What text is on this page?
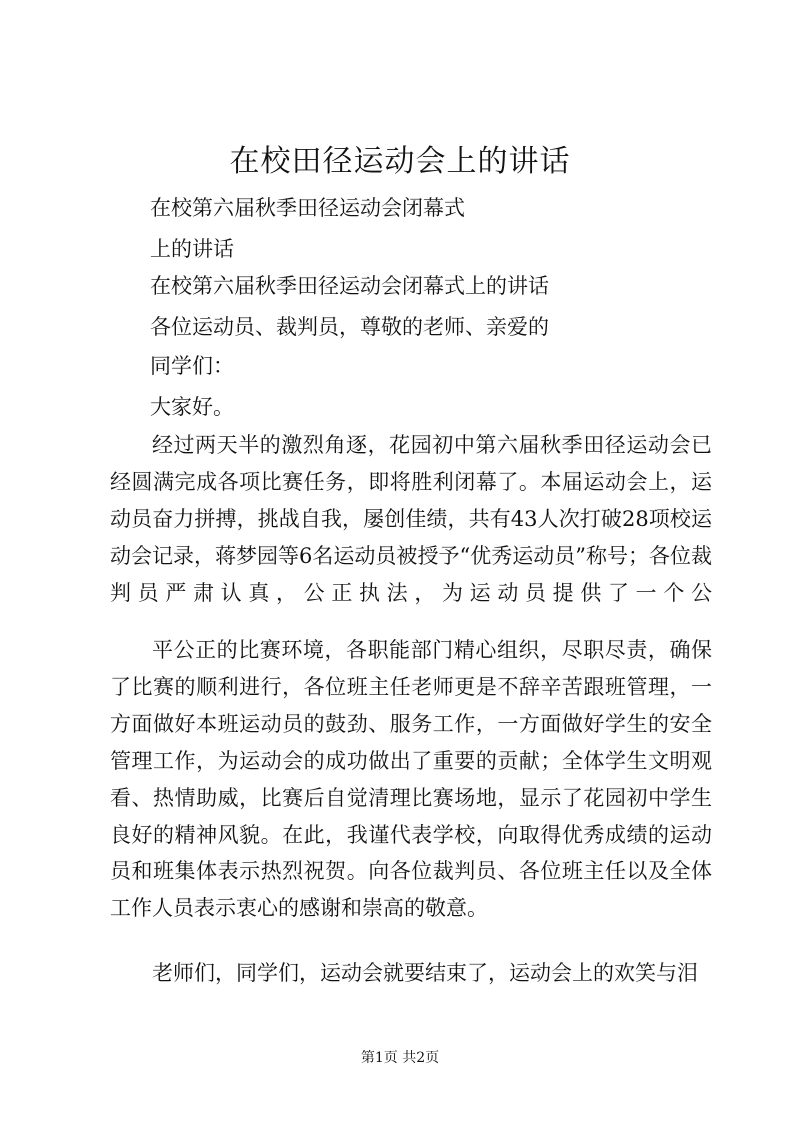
在校田径运动会上的讲话

在校第六届秋季田径运动会闭幕式

上的讲话

在校第六届秋季田径运动会闭幕式上的讲话

各位运动员、裁判员，尊敬的老师、亲爱的

同学们：

大家好。

经过两天半的激烈角逐，花园初中第六届秋季田径运动会已经圆满完成各项比赛任务，即将胜利闭幕了。本届运动会上，运动员奋力拼搏，挑战自我，屡创佳绩，共有43人次打破28项校运动会记录，蒋梦园等6名运动员被授予“优秀运动员”称号；各位裁判员严肃认真，公正执法，为运动员提供了一个公

平公正的比赛环境，各职能部门精心组织，尽职尽责，确保了比赛的顺利进行，各位班主任老师更是不辞辛苦跟班管理，一方面做好本班运动员的鼓劲、服务工作，一方面做好学生的安全管理工作，为运动会的成功做出了重要的贡献；全体学生文明观看、热情助威，比赛后自觉清理比赛场地，显示了花园初中学生良好的精神风貌。在此，我谨代表学校，向取得优秀成绩的运动员和班集体表示热烈祝贺。向各位裁判员、各位班主任以及全体工作人员表示衷心的感谢和崇高的敬意。

老师们，同学们，运动会就要结束了，运动会上的欢笑与泪

第1页 共2页
